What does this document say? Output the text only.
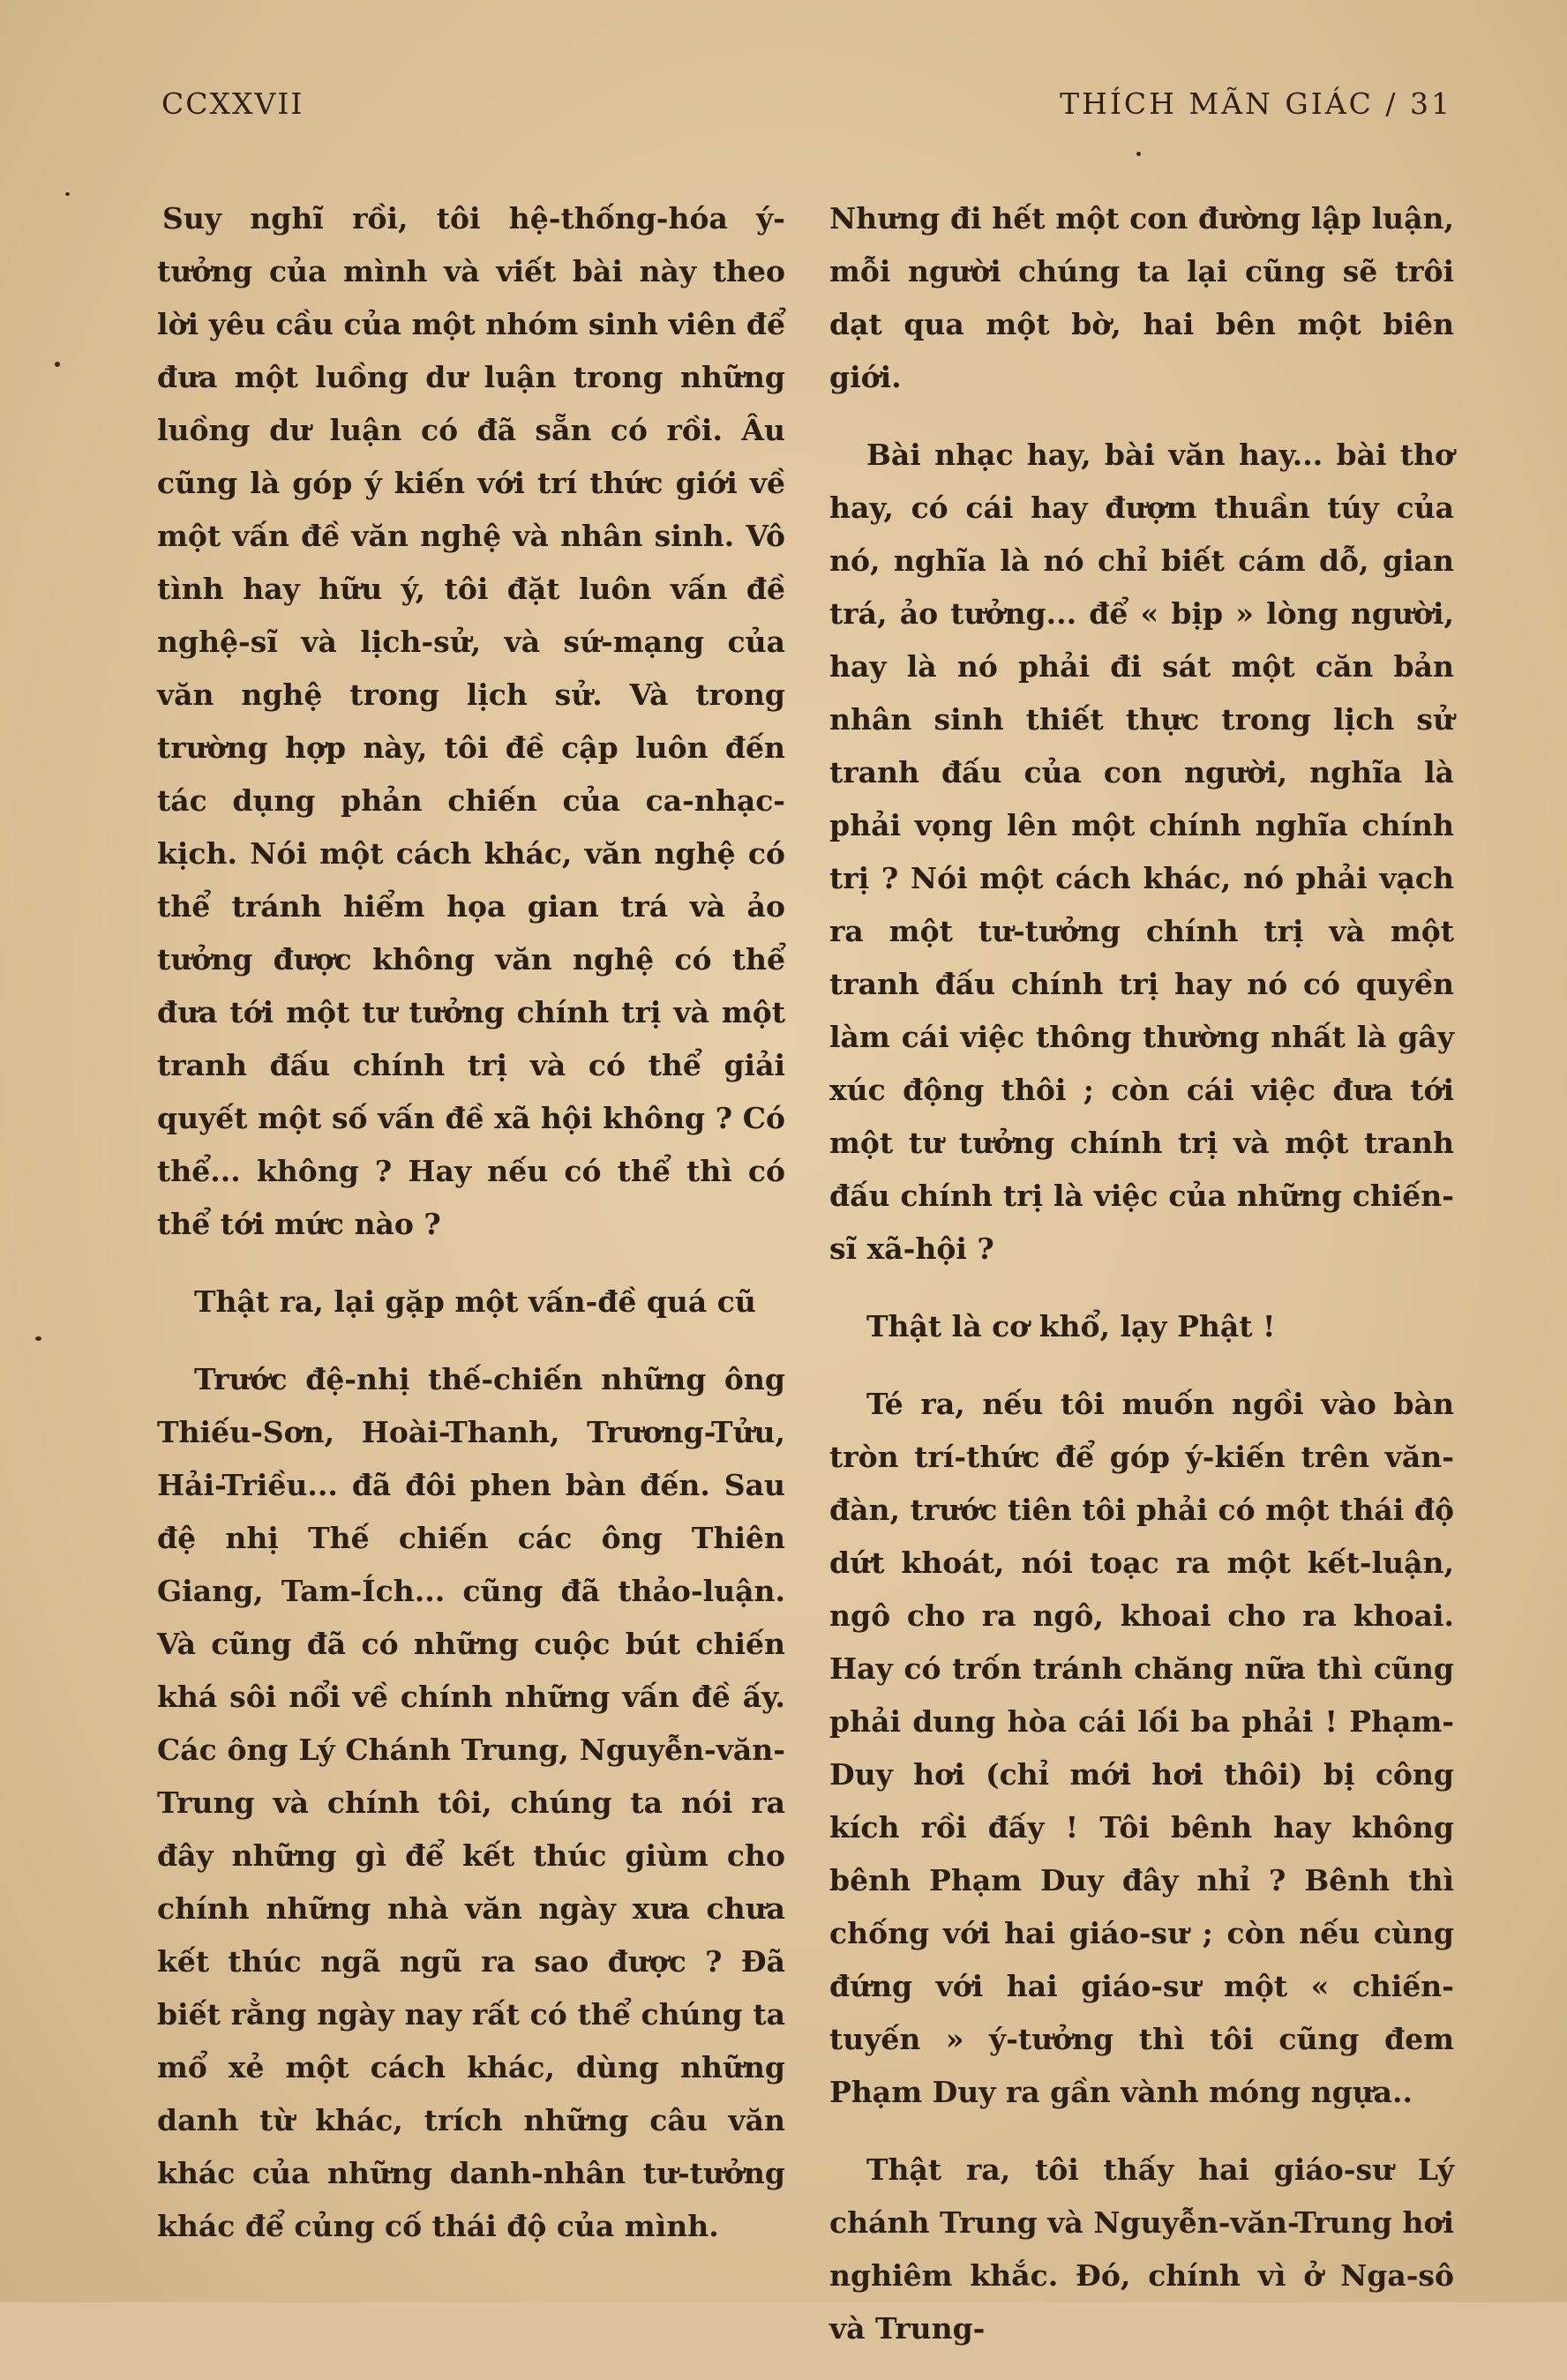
CCXXVII	THÍCH MÃN GIÁC / 31

Suy nghĩ rồi, tôi hệ-thống-hóa ý-tưởng của mình và viết bài này theo lời yêu cầu của một nhóm sinh viên để đưa một luồng dư luận trong những luồng dư luận có đã sẵn có rồi. Âu cũng là góp ý kiến với trí thức giới về một vấn đề văn nghệ và nhân sinh. Vô tình hay hữu ý, tôi đặt luôn vấn đề nghệ-sĩ và lịch-sử, và sứ-mạng của văn nghệ trong lịch sử. Và trong trường hợp này, tôi đề cập luôn đến tác dụng phản chiến của ca-nhạc-kịch. Nói một cách khác, văn nghệ có thể tránh hiểm họa gian trá và ảo tưởng được không văn nghệ có thể đưa tới một tư tưởng chính trị và một tranh đấu chính trị và có thể giải quyết một số vấn đề xã hội không ? Có thể... không ? Hay nếu có thể thì có thể tới mức nào ?

Thật ra, lại gặp một vấn-đề quá cũ

Trước đệ-nhị thế-chiến những ông Thiếu-Sơn, Hoài-Thanh, Trương-Tửu, Hải-Triều... đã đôi phen bàn đến. Sau đệ nhị Thế chiến các ông Thiên Giang, Tam-Ích... cũng đã thảo-luận. Và cũng đã có những cuộc bút chiến khá sôi nổi về chính những vấn đề ấy. Các ông Lý Chánh Trung, Nguyễn-văn-Trung và chính tôi, chúng ta nói ra đây những gì để kết thúc giùm cho chính những nhà văn ngày xưa chưa kết thúc ngã ngũ ra sao được ? Đã biết rằng ngày nay rất có thể chúng ta mổ xẻ một cách khác, dùng những danh từ khác, trích những câu văn khác của những danh-nhân tư-tưởng khác để củng cố thái độ của mình.

Nhưng đi hết một con đường lập luận, mỗi người chúng ta lại cũng sẽ trôi dạt qua một bờ, hai bên một biên giới.

Bài nhạc hay, bài văn hay... bài thơ hay, có cái hay đượm thuần túy của nó, nghĩa là nó chỉ biết cám dỗ, gian trá, ảo tưởng... để « bịp » lòng người, hay là nó phải đi sát một căn bản nhân sinh thiết thực trong lịch sử tranh đấu của con người, nghĩa là phải vọng lên một chính nghĩa chính trị ? Nói một cách khác, nó phải vạch ra một tư-tưởng chính trị và một tranh đấu chính trị hay nó có quyền làm cái việc thông thường nhất là gây xúc động thôi ; còn cái việc đưa tới một tư tưởng chính trị và một tranh đấu chính trị là việc của những chiến-sĩ xã-hội ?

Thật là cơ khổ, lạy Phật !

Té ra, nếu tôi muốn ngồi vào bàn tròn trí-thức để góp ý-kiến trên văn-đàn, trước tiên tôi phải có một thái độ dứt khoát, nói toạc ra một kết-luận, ngô cho ra ngô, khoai cho ra khoai. Hay có trốn tránh chăng nữa thì cũng phải dung hòa cái lối ba phải ! Phạm-Duy hơi (chỉ mới hơi thôi) bị công kích rồi đấy ! Tôi bênh hay không bênh Phạm Duy đây nhỉ ? Bênh thì chống với hai giáo-sư ; còn nếu cùng đứng với hai giáo-sư một « chiến-tuyến » ý-tưởng thì tôi cũng đem Phạm Duy ra gần vành móng ngựa..

Thật ra, tôi thấy hai giáo-sư Lý chánh Trung và Nguyễn-văn-Trung hơi nghiêm khắc. Đó, chính vì ở Nga-sô và Trung-
